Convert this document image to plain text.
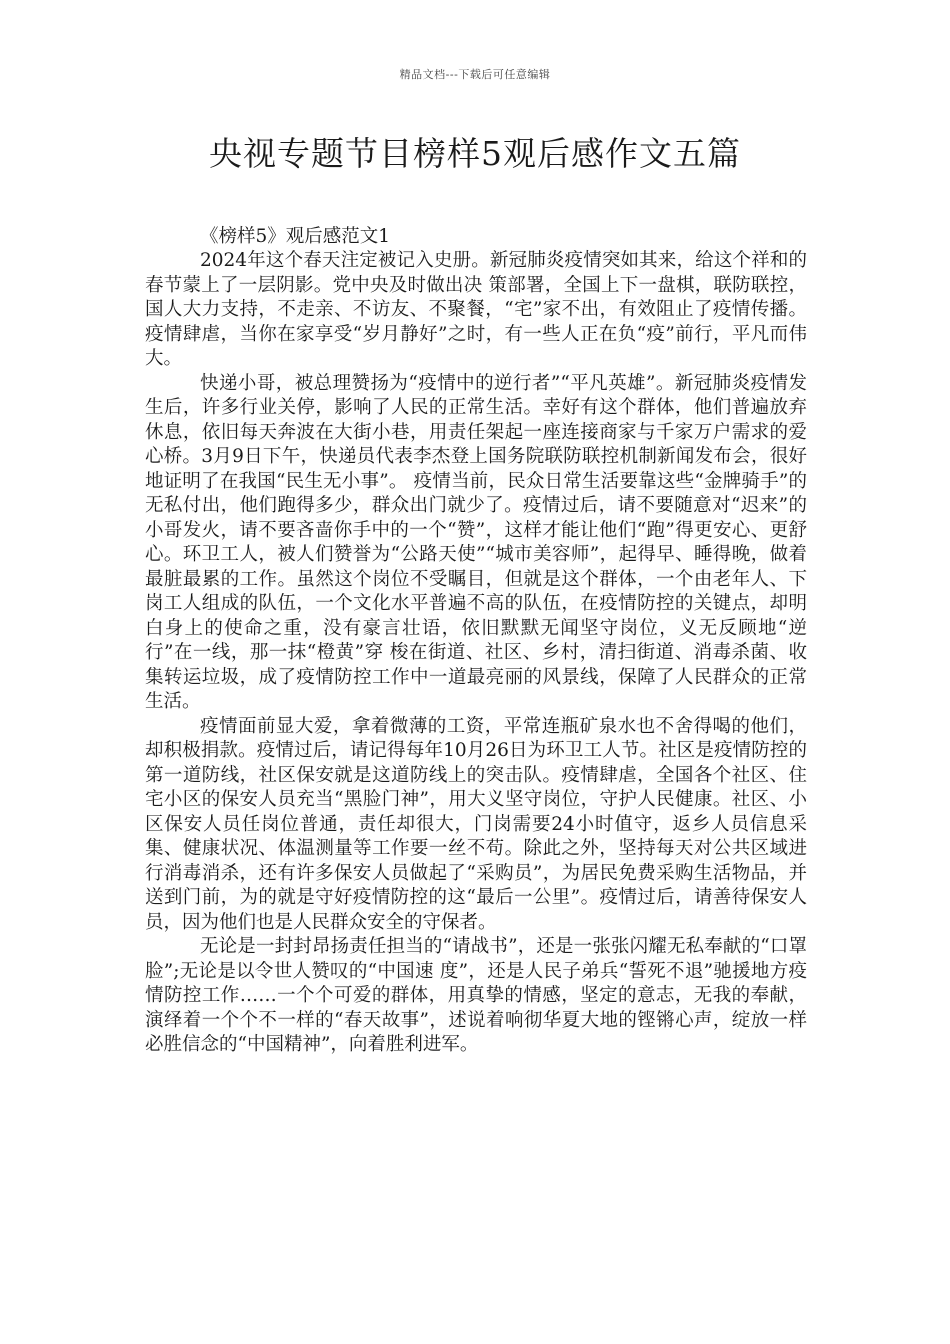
精品文档---下载后可任意编辑
央视专题节目榜样5观后感作文五篇

《榜样5》观后感范文1

2024年这个春天注定被记入史册。新冠肺炎疫情突如其来，给这个祥和的春节蒙上了一层阴影。党中央及时做出决 策部署，全国上下一盘棋，联防联控，国人大力支持，不走亲、不访友、不聚餐，“宅”家不出，有效阻止了疫情传播。疫情肆虐，当你在家享受“岁月静好”之时，有一些人正在负“疫”前行，平凡而伟大。

快递小哥，被总理赞扬为“疫情中的逆行者”“平凡英雄”。新冠肺炎疫情发生后，许多行业关停，影响了人民的正常生活。幸好有这个群体，他们普遍放弃休息，依旧每天奔波在大街小巷，用责任架起一座连接商家与千家万户需求的爱心桥。3月9日下午，快递员代表李杰登上国务院联防联控机制新闻发布会，很好地证明了在我国“民生无小事”。 疫情当前，民众日常生活要靠这些“金牌骑手”的无私付出，他们跑得多少，群众出门就少了。疫情过后，请不要随意对“迟来”的小哥发火，请不要吝啬你手中的一个“赞”，这样才能让他们“跑”得更安心、更舒心。环卫工人，被人们赞誉为“公路天使”“城市美容师”，起得早、睡得晚，做着最脏最累的工作。虽然这个岗位不受瞩目，但就是这个群体，一个由老年人、下岗工人组成的队伍，一个文化水平普遍不高的队伍，在疫情防控的关键点，却明白身上的使命之重，没有豪言壮语，依旧默默无闻坚守岗位，义无反顾地“逆行”在一线，那一抹“橙黄”穿 梭在街道、社区、乡村，清扫街道、消毒杀菌、收集转运垃圾，成了疫情防控工作中一道最亮丽的风景线，保障了人民群众的正常生活。

疫情面前显大爱，拿着微薄的工资，平常连瓶矿泉水也不舍得喝的他们，却积极捐款。疫情过后，请记得每年10月26日为环卫工人节。社区是疫情防控的第一道防线，社区保安就是这道防线上的突击队。疫情肆虐，全国各个社区、住宅小区的保安人员充当“黑脸门神”，用大义坚守岗位，守护人民健康。社区、小区保安人员任岗位普通，责任却很大，门岗需要24小时值守，返乡人员信息采集、健康状况、体温测量等工作要一丝不苟。除此之外，坚持每天对公共区域进行消毒消杀，还有许多保安人员做起了“采购员”，为居民免费采购生活物品，并送到门前，为的就是守好疫情防控的这“最后一公里”。疫情过后，请善待保安人员，因为他们也是人民群众安全的守保者。

无论是一封封昂扬责任担当的“请战书”，还是一张张闪耀无私奉献的“口罩脸”;无论是以令世人赞叹的“中国速 度”，还是人民子弟兵“誓死不退”驰援地方疫情防控工作……一个个可爱的群体，用真挚的情感，坚定的意志，无我的奉献，演绎着一个个不一样的“春天故事”，述说着响彻华夏大地的铿锵心声，绽放一样必胜信念的“中国精神”，向着胜利进军。
